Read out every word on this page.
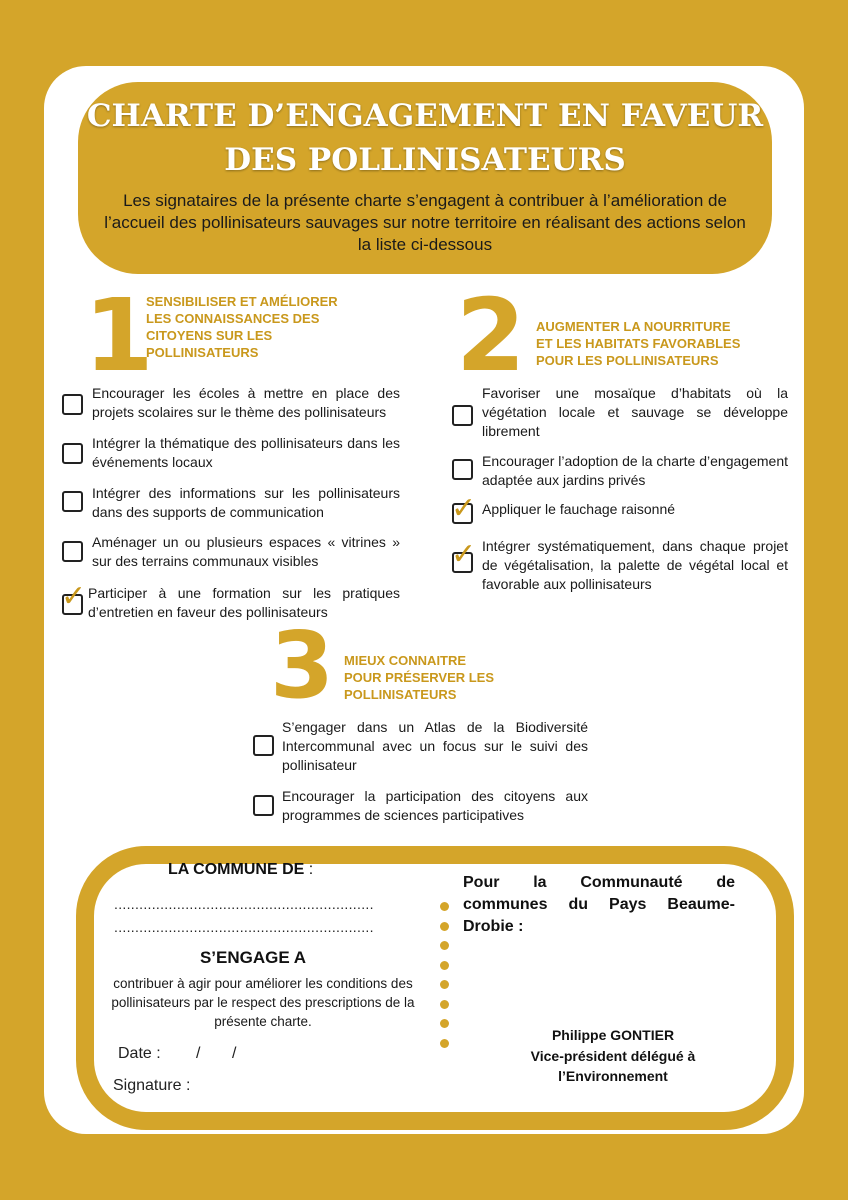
CHARTE D’ENGAGEMENT EN FAVEUR
DES POLLINISATEURS
Les signataires de la présente charte s’engagent à contribuer à l’amélioration de l’accueil des pollinisateurs sauvages sur notre territoire en réalisant des actions selon la liste ci-dessous
1
SENSIBILISER ET AMÉLIORER LES CONNAISSANCES DES CITOYENS SUR LES POLLINISATEURS	2 AUGMENTER LA NOURRITURE ET LES HABITATS FAVORABLES POUR LES POLLINISATEURS
3 MIEUX CONNAITRE POUR PRÉSERVER LES POLLINISATEURS
Encourager les écoles à mettre en place des projets scolaires sur le thème des pollinisateurs
Intégrer la thématique des pollinisateurs dans les événements locaux
Intégrer des informations sur les pollinisateurs dans des supports de communication
Aménager un ou plusieurs espaces « vitrines » sur des terrains communaux visibles
✓ Participer à une formation sur les pratiques d’entretien en faveur des pollinisateurs
Favoriser une mosaïque d’habitats où la végétation locale et sauvage se développe librement
Encourager l’adoption de la charte d’engagement adaptée aux jardins privés
✓ Appliquer le fauchage raisonné
✓ Intégrer systématiquement, dans chaque projet de végétalisation, la palette de végétal local et favorable aux pollinisateurs
S’engager dans un Atlas de la Biodiversité Intercommunal avec un focus sur le suivi des pollinisateur
Encourager la participation des citoyens aux programmes de sciences participatives
LA COMMUNE DE :
..............................................................
..............................................................
S’ENGAGE A
contribuer à agir pour améliorer les conditions des pollinisateurs par le respect des prescriptions de la présente charte.
Date : / /
Signature :
Pour la Communauté de communes du Pays Beaume-Drobie :
Philippe GONTIER
Vice-président délégué à l’Environnement
